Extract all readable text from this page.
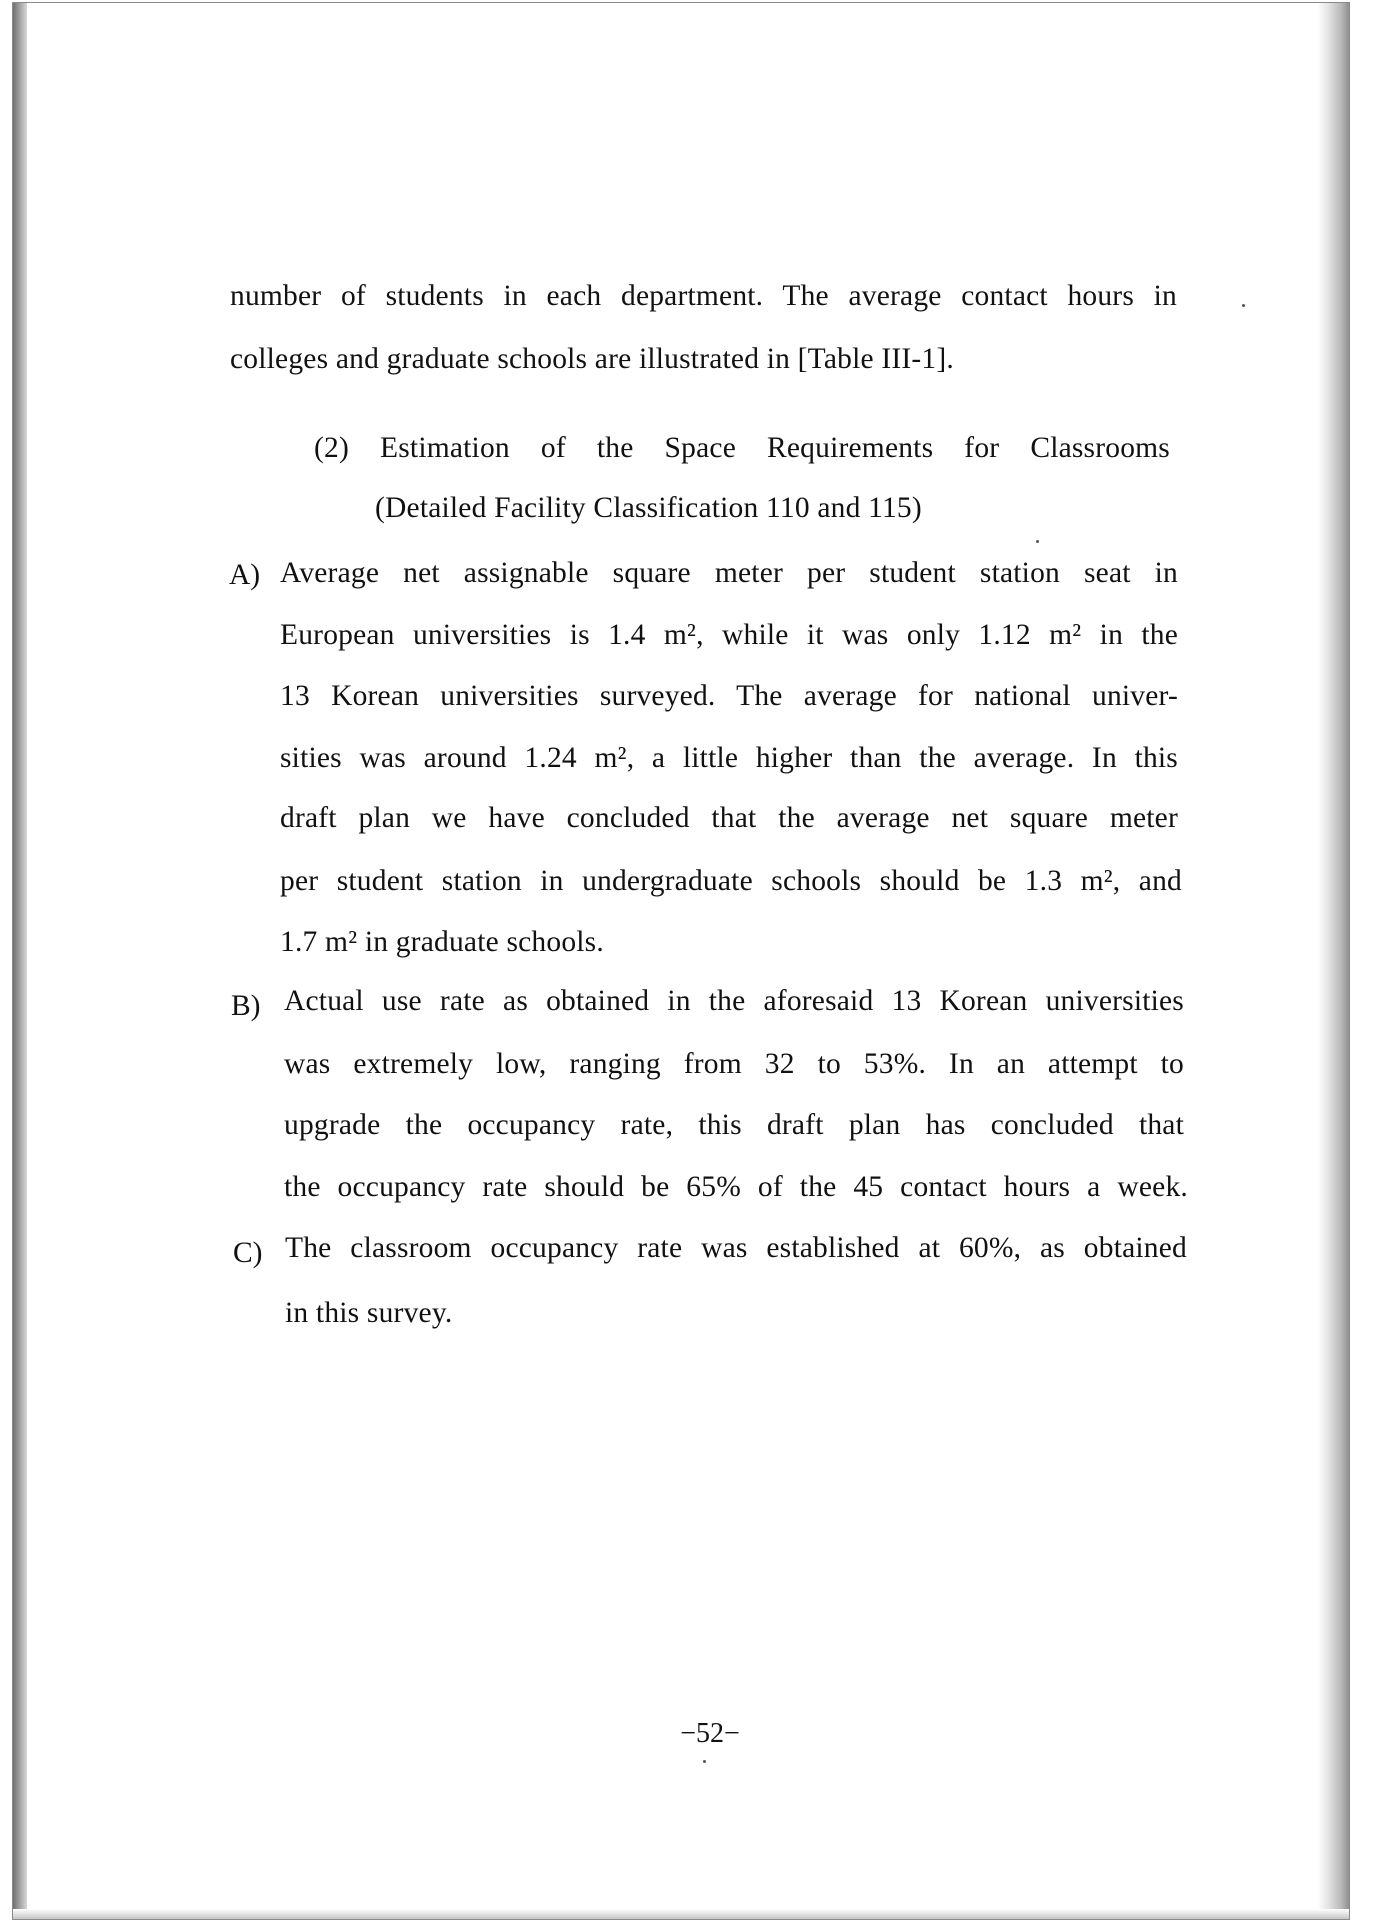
number of students in each department. The average contact hours in
colleges and graduate schools are illustrated in [Table III-1].
(2) Estimation of the Space Requirements for Classrooms
(Detailed Facility Classification 110 and 115)
A) Average net assignable square meter per student station seat in
European universities is 1.4 m², while it was only 1.12 m² in the
13 Korean universities surveyed. The average for national univer-
sities was around 1.24 m², a little higher than the average. In this
draft plan we have concluded that the average net square meter
per student station in undergraduate schools should be 1.3 m², and
1.7 m² in graduate schools.
B) Actual use rate as obtained in the aforesaid 13 Korean universities
was extremely low, ranging from 32 to 53%. In an attempt to
upgrade the occupancy rate, this draft plan has concluded that
the occupancy rate should be 65% of the 45 contact hours a week.
C) The classroom occupancy rate was established at 60%, as obtained
in this survey.
−52−
